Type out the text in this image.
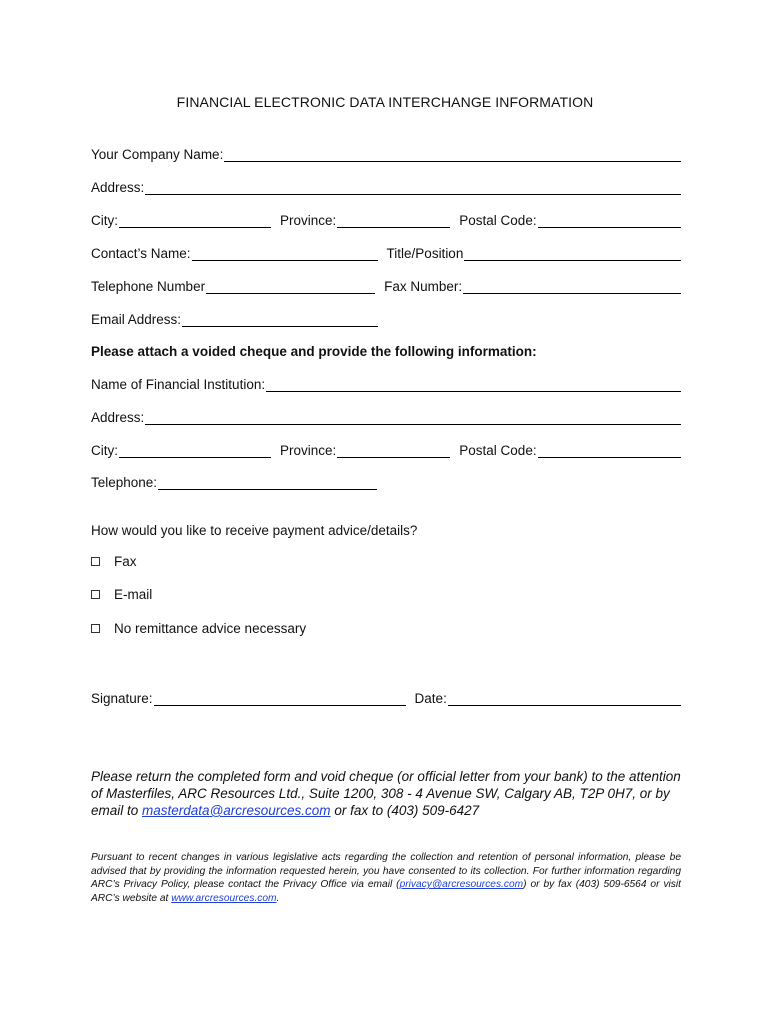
FINANCIAL ELECTRONIC DATA INTERCHANGE INFORMATION
Your Company Name:
Address:
City:	Province:	Postal Code:
Contact’s Name:	Title/Position
Telephone Number	Fax Number:
Email Address:
Please attach a voided cheque and provide the following information:
Name of Financial Institution:
Address:
City:	Province:	Postal Code:
Telephone:
How would you like to receive payment advice/details?
Fax
E-mail
No remittance advice necessary
Signature:	Date:
Please return the completed form and void cheque (or official letter from your bank) to the attention of Masterfiles, ARC Resources Ltd., Suite 1200, 308 - 4 Avenue SW, Calgary AB, T2P 0H7, or by email to masterdata@arcresources.com or fax to (403) 509-6427
Pursuant to recent changes in various legislative acts regarding the collection and retention of personal information, please be advised that by providing the information requested herein, you have consented to its collection. For further information regarding ARC’s Privacy Policy, please contact the Privacy Office via email (privacy@arcresources.com) or by fax (403) 509-6564 or visit ARC’s website at www.arcresources.com.
